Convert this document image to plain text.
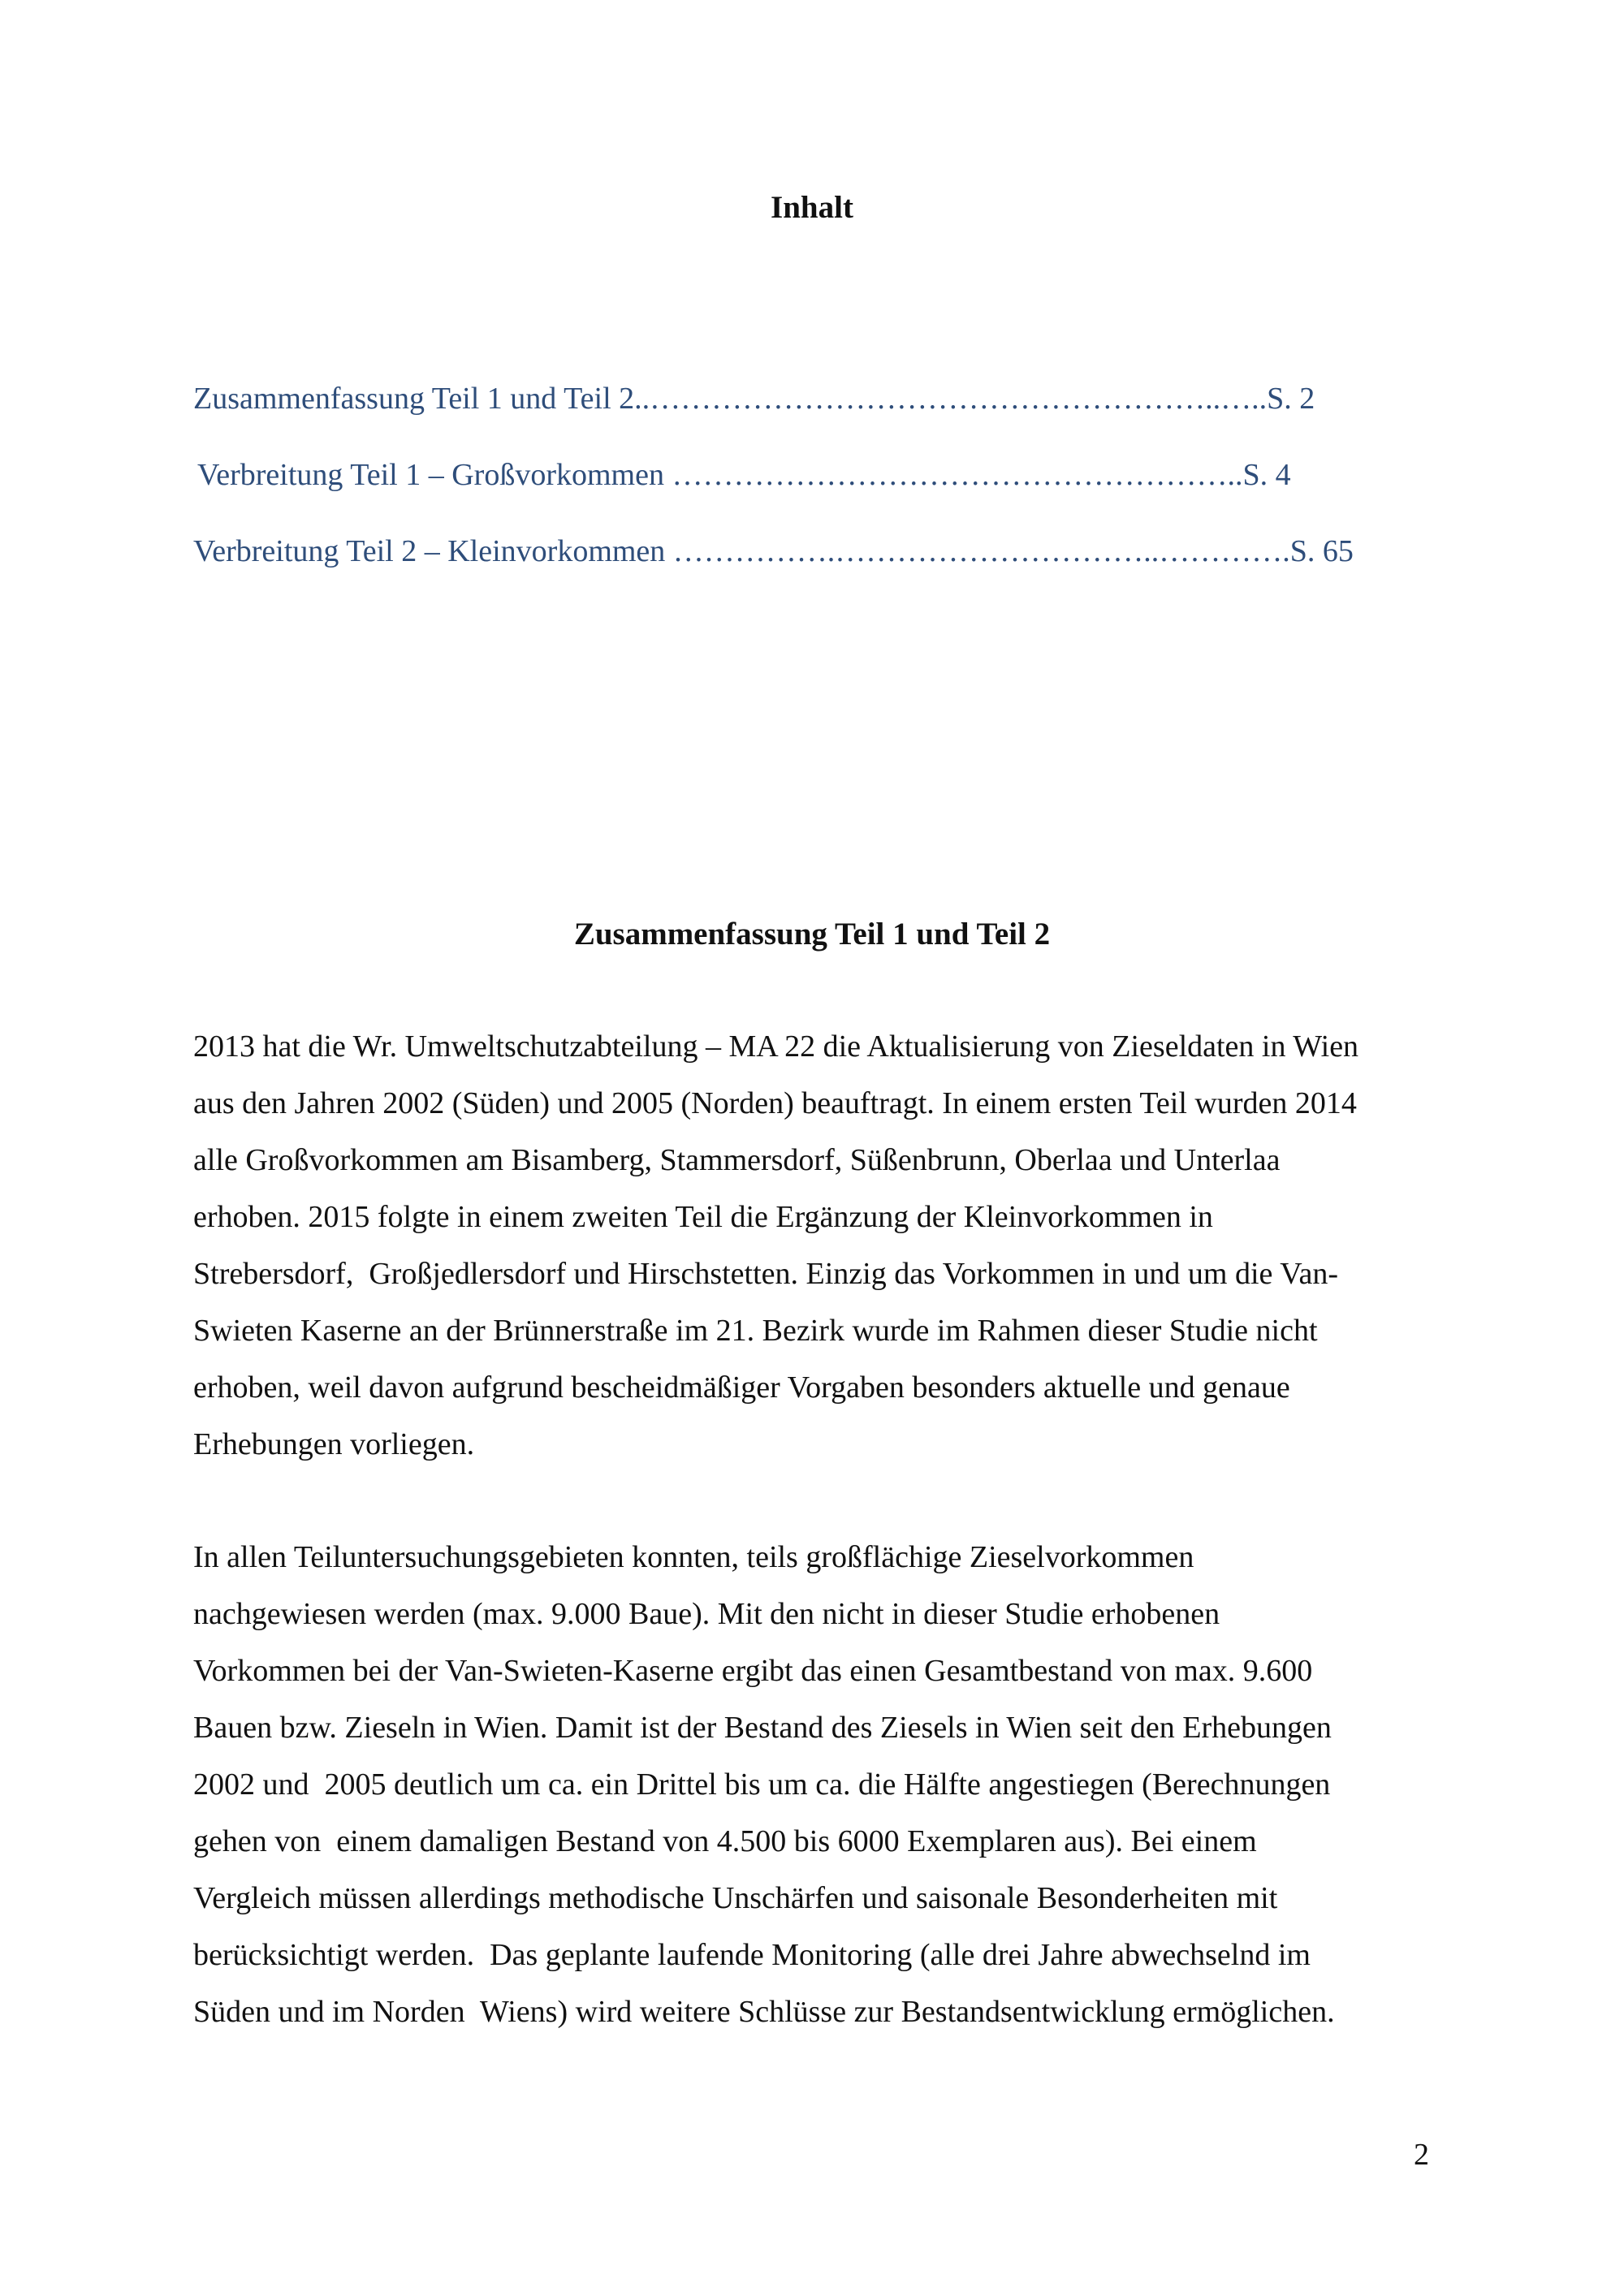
Inhalt
Zusammenfassung Teil 1 und Teil 2..………………………………………………..…..S. 2
Verbreitung Teil 1 – Großvorkommen ………………………………………………..S. 4
Verbreitung Teil 2 – Kleinvorkommen …………….…………………………..………….S. 65
Zusammenfassung Teil 1 und Teil 2

2013 hat die Wr. Umweltschutzabteilung – MA 22 die Aktualisierung von Zieseldaten in Wien
aus den Jahren 2002 (Süden) und 2005 (Norden) beauftragt. In einem ersten Teil wurden 2014
alle Großvorkommen am Bisamberg, Stammersdorf, Süßenbrunn, Oberlaa und Unterlaa
erhoben. 2015 folgte in einem zweiten Teil die Ergänzung der Kleinvorkommen in
Strebersdorf,  Großjedlersdorf und Hirschstetten. Einzig das Vorkommen in und um die Van-
Swieten Kaserne an der Brünnerstraße im 21. Bezirk wurde im Rahmen dieser Studie nicht
erhoben, weil davon aufgrund bescheidmäßiger Vorgaben besonders aktuelle und genaue
Erhebungen vorliegen.

In allen Teiluntersuchungsgebieten konnten, teils großflächige Zieselvorkommen
nachgewiesen werden (max. 9.000 Baue). Mit den nicht in dieser Studie erhobenen
Vorkommen bei der Van-Swieten-Kaserne ergibt das einen Gesamtbestand von max. 9.600
Bauen bzw. Zieseln in Wien. Damit ist der Bestand des Ziesels in Wien seit den Erhebungen
2002 und  2005 deutlich um ca. ein Drittel bis um ca. die Hälfte angestiegen (Berechnungen
gehen von  einem damaligen Bestand von 4.500 bis 6000 Exemplaren aus). Bei einem
Vergleich müssen allerdings methodische Unschärfen und saisonale Besonderheiten mit
berücksichtigt werden.  Das geplante laufende Monitoring (alle drei Jahre abwechselnd im
Süden und im Norden  Wiens) wird weitere Schlüsse zur Bestandsentwicklung ermöglichen.

2
